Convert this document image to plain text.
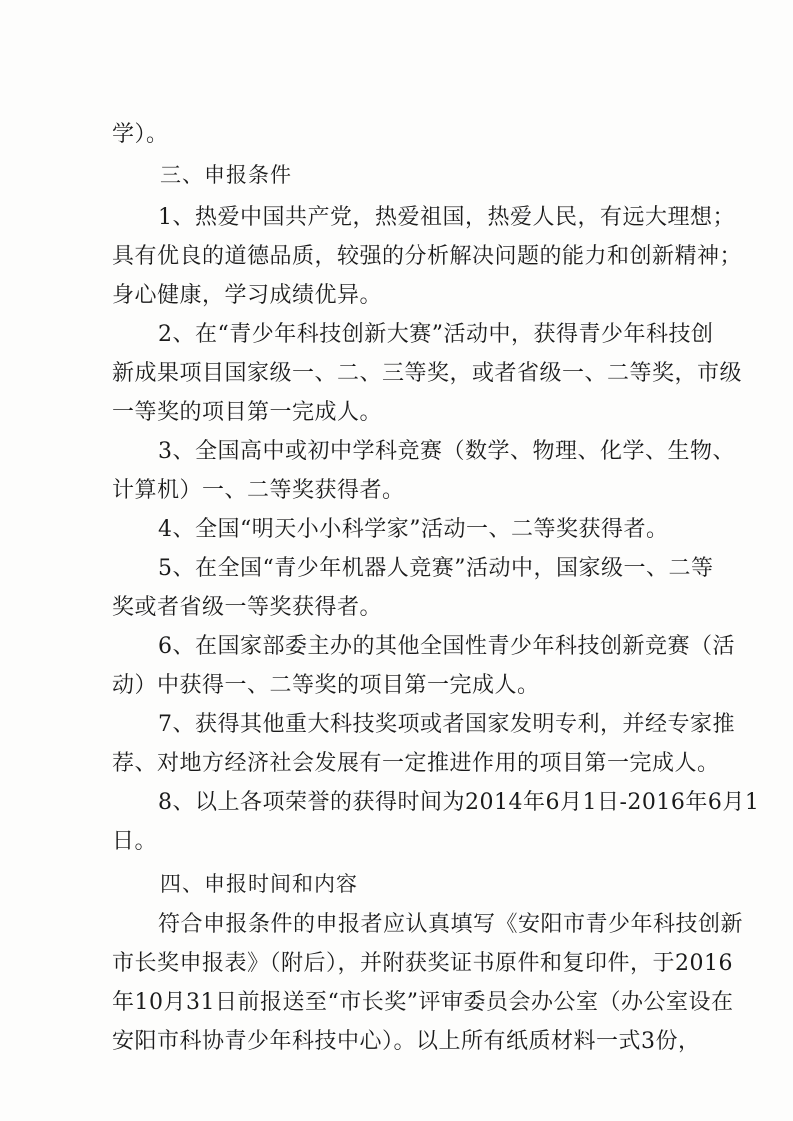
学）。
三、申报条件
1、热爱中国共产党，热爱祖国，热爱人民，有远大理想；
具有优良的道德品质，较强的分析解决问题的能力和创新精神；
身心健康，学习成绩优异。
2、在“青少年科技创新大赛”活动中，获得青少年科技创
新成果项目国家级一、二、三等奖，或者省级一、二等奖，市级
一等奖的项目第一完成人。
3、全国高中或初中学科竞赛（数学、物理、化学、生物、
计算机）一、二等奖获得者。
4、全国“明天小小科学家”活动一、二等奖获得者。
5、在全国“青少年机器人竞赛”活动中，国家级一、二等
奖或者省级一等奖获得者。
6、在国家部委主办的其他全国性青少年科技创新竞赛（活
动）中获得一、二等奖的项目第一完成人。
7、获得其他重大科技奖项或者国家发明专利，并经专家推
荐、对地方经济社会发展有一定推进作用的项目第一完成人。
8、以上各项荣誉的获得时间为2014年6月1日-2016年6月1
日。
四、申报时间和内容
符合申报条件的申报者应认真填写《安阳市青少年科技创新
市长奖申报表》（附后），并附获奖证书原件和复印件，于2016
年10月31日前报送至“市长奖”评审委员会办公室（办公室设在
安阳市科协青少年科技中心）。以上所有纸质材料一式3份，
